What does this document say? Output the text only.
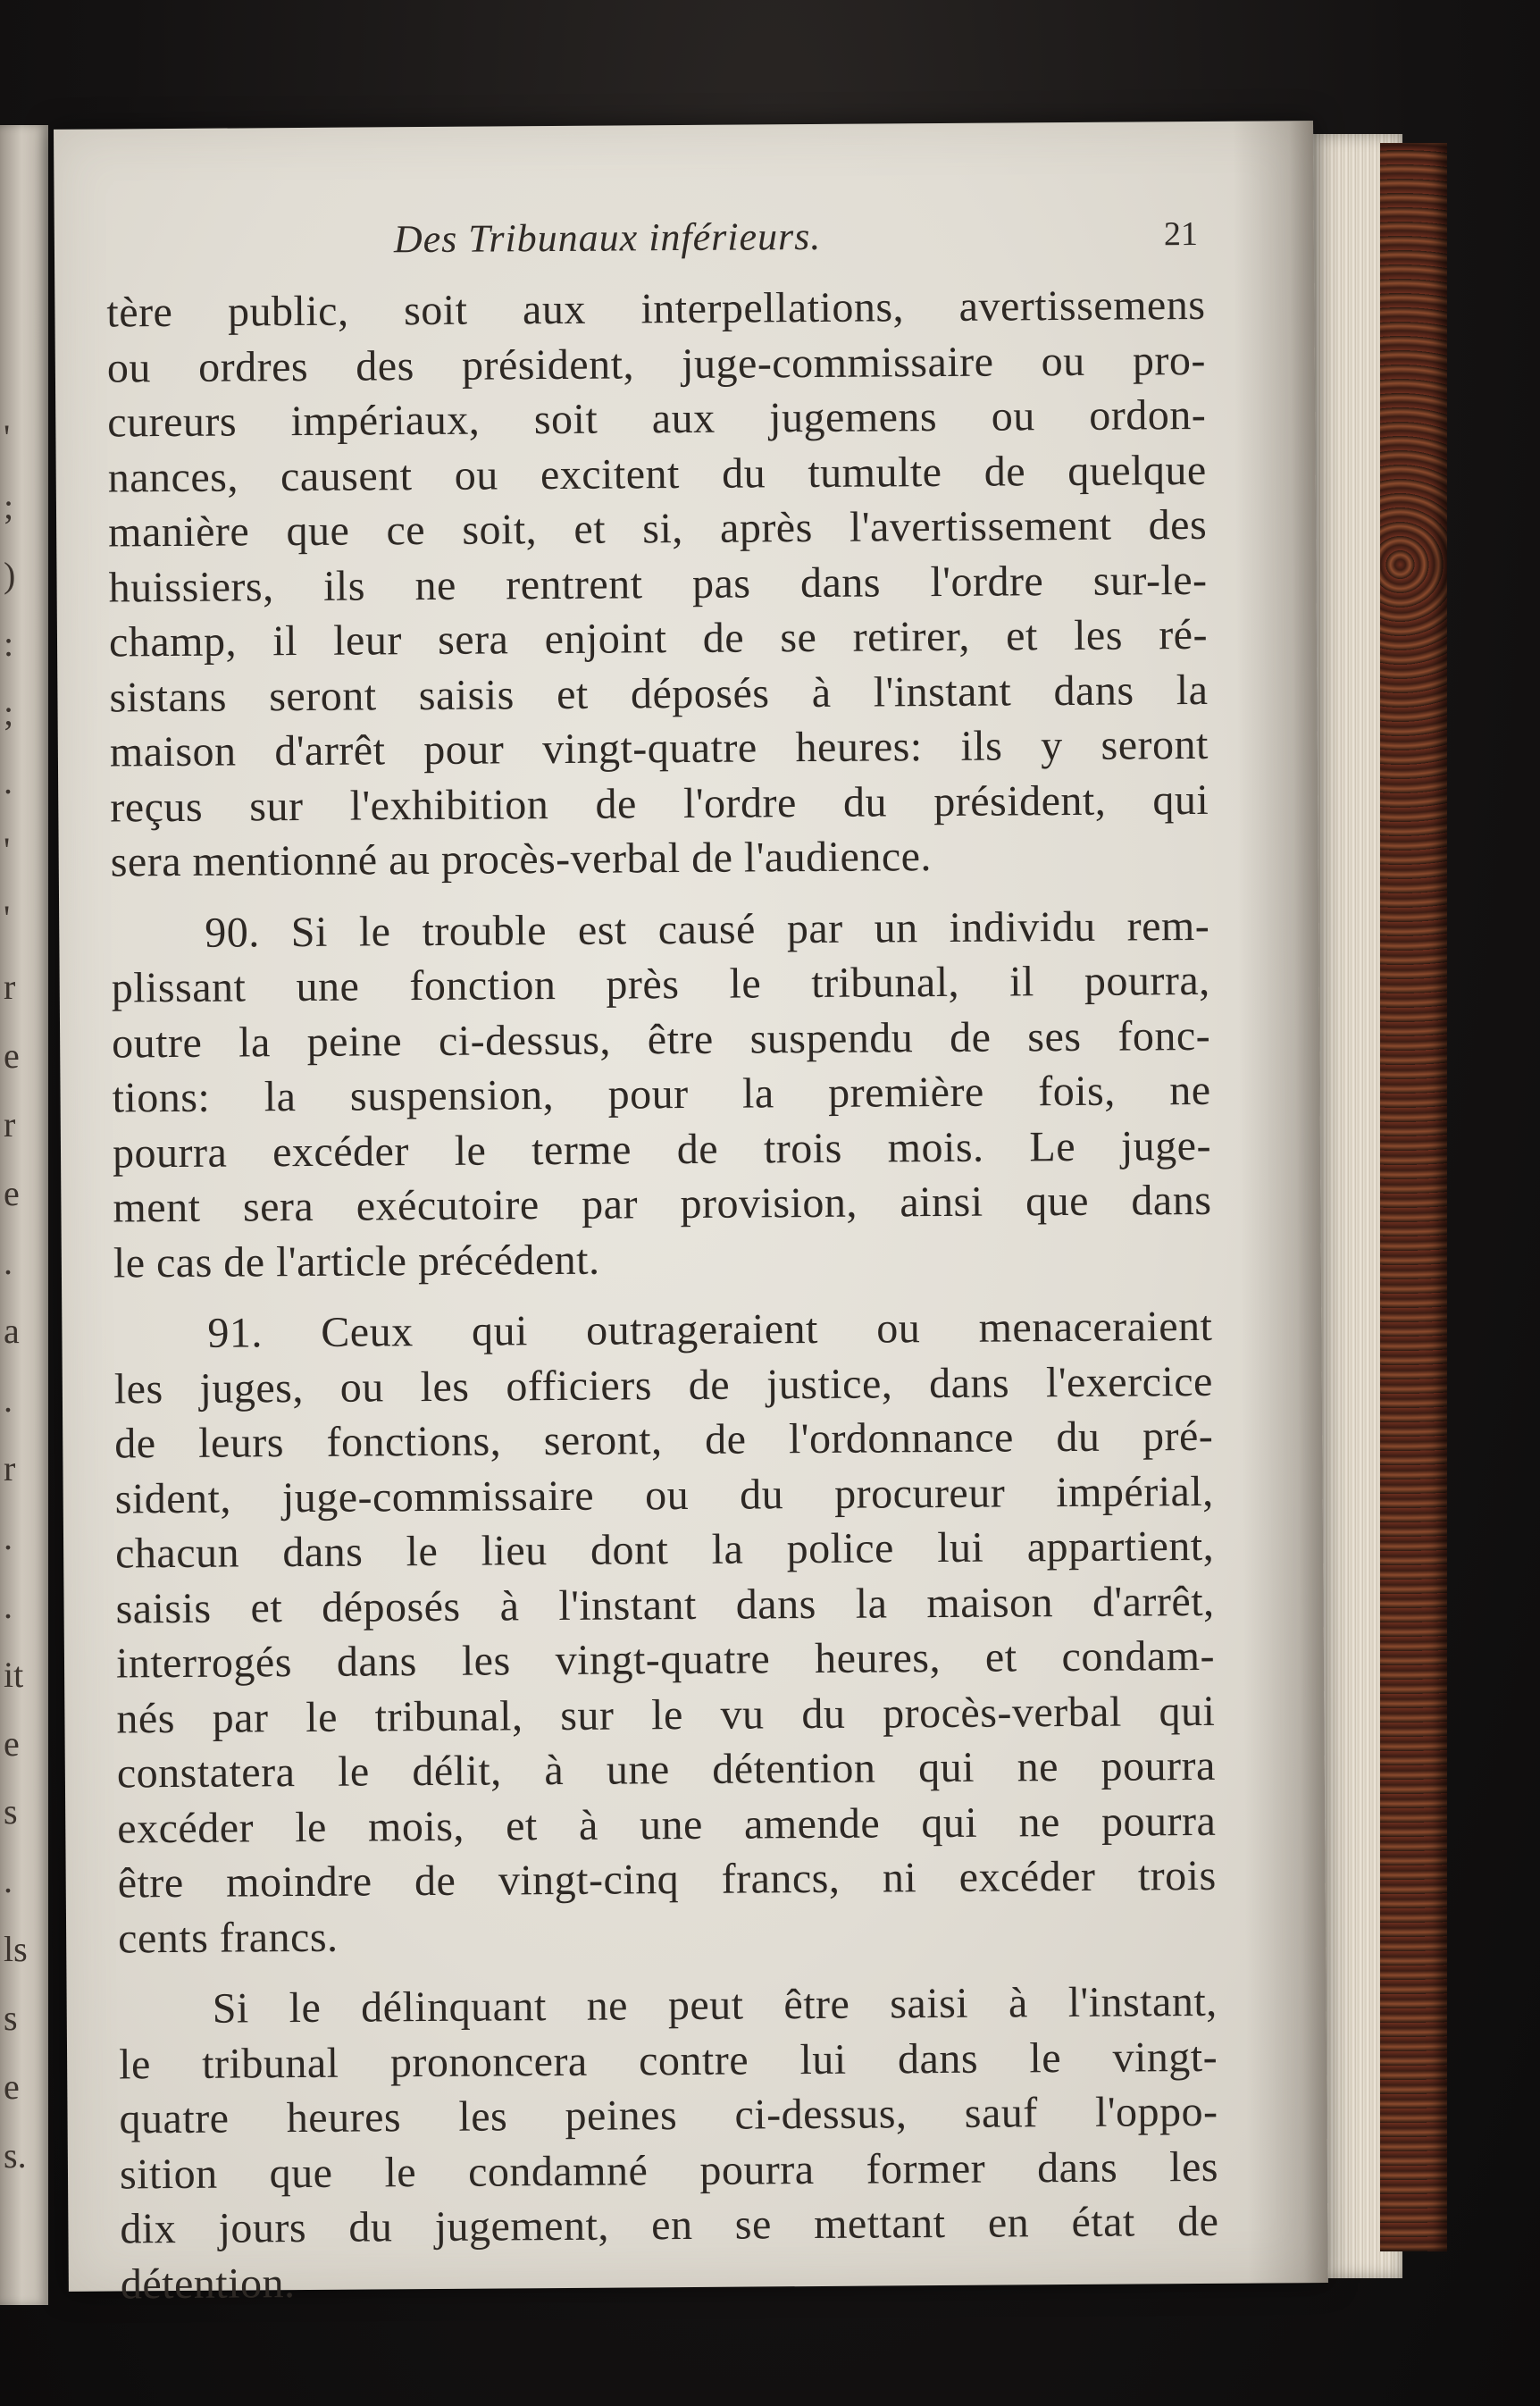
'
;
)
:
;
.
'
'
r
e
r
e
.
a
.
r
.
.
it
e
s
.
ls
s
e
s.
Des Tribunaux inférieurs.	21
tère public, soit aux interpellations, avertissemens
ou ordres des président, juge-commissaire ou pro-
cureurs impériaux, soit aux jugemens ou ordon-
nances, causent ou excitent du tumulte de quelque
manière que ce soit, et si, après l'avertissement des
huissiers, ils ne rentrent pas dans l'ordre sur-le-
champ, il leur sera enjoint de se retirer, et les ré-
sistans seront saisis et déposés à l'instant dans la
maison d'arrêt pour vingt-quatre heures: ils y seront
reçus sur l'exhibition de l'ordre du président, qui
sera mentionné au procès-verbal de l'audience.
90. Si le trouble est causé par un individu rem-
plissant une fonction près le tribunal, il pourra,
outre la peine ci-dessus, être suspendu de ses fonc-
tions: la suspension, pour la première fois, ne
pourra excéder le terme de trois mois. Le juge-
ment sera exécutoire par provision, ainsi que dans
le cas de l'article précédent.
91. Ceux qui outrageraient ou menaceraient
les juges, ou les officiers de justice, dans l'exercice
de leurs fonctions, seront, de l'ordonnance du pré-
sident, juge-commissaire ou du procureur impérial,
chacun dans le lieu dont la police lui appartient,
saisis et déposés à l'instant dans la maison d'arrêt,
interrogés dans les vingt-quatre heures, et condam-
nés par le tribunal, sur le vu du procès-verbal qui
constatera le délit, à une détention qui ne pourra
excéder le mois, et à une amende qui ne pourra
être moindre de vingt-cinq francs, ni excéder trois
cents francs.
Si le délinquant ne peut être saisi à l'instant,
le tribunal prononcera contre lui dans le vingt-
quatre heures les peines ci-dessus, sauf l'oppo-
sition que le condamné pourra former dans les
dix jours du jugement, en se mettant en état de
détention.
